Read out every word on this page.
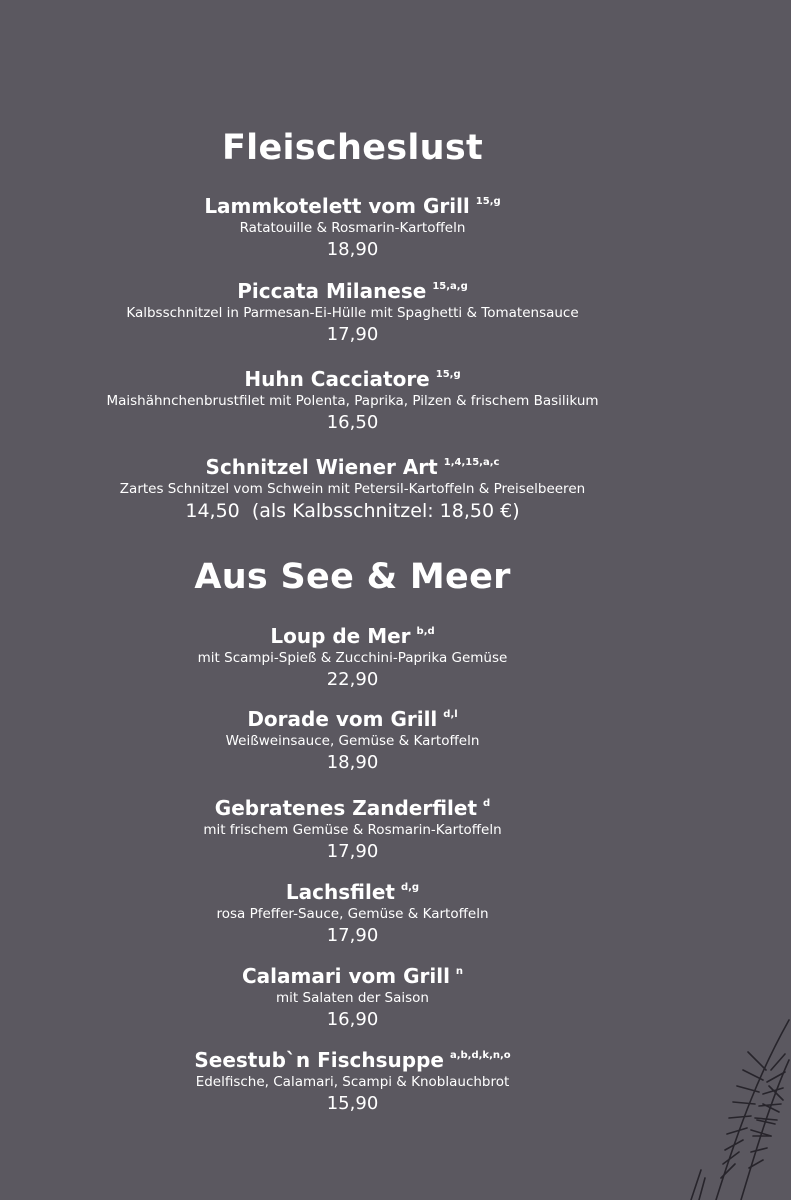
Fleischeslust
Lammkotelett vom Grill $^{15,g}$
Ratatouille & Rosmarin-Kartoffeln
18,90
Piccata Milanese $^{15,a,g}$
Kalbsschnitzel in Parmesan-Ei-Hülle mit Spaghetti & Tomatensauce
17,90
Huhn Cacciatore $^{15,g}$
Maishähnchenbrustfilet mit Polenta, Paprika, Pilzen & frischem Basilikum
16,50
Schnitzel Wiener Art $^{1,4,15,a,c}$
Zartes Schnitzel vom Schwein mit Petersil-Kartoffeln & Preiselbeeren
14,50  (als Kalbsschnitzel: 18,50 €)
Aus See & Meer
Loup de Mer $^{b,d}$
mit Scampi-Spieß & Zucchini-Paprika Gemüse
22,90
Dorade vom Grill $^{d,l}$
Weißweinsauce, Gemüse & Kartoffeln
18,90
Gebratenes Zanderfilet $^d$
mit frischem Gemüse & Rosmarin-Kartoffeln
17,90
Lachsfilet $^{d,g}$
rosa Pfeffer-Sauce, Gemüse & Kartoffeln
17,90
Calamari vom Grill $^n$
mit Salaten der Saison
16,90
Seestub`n Fischsuppe $^{a,b,d,k,n,o}$
Edelfische, Calamari, Scampi & Knoblauchbrot
15,90
